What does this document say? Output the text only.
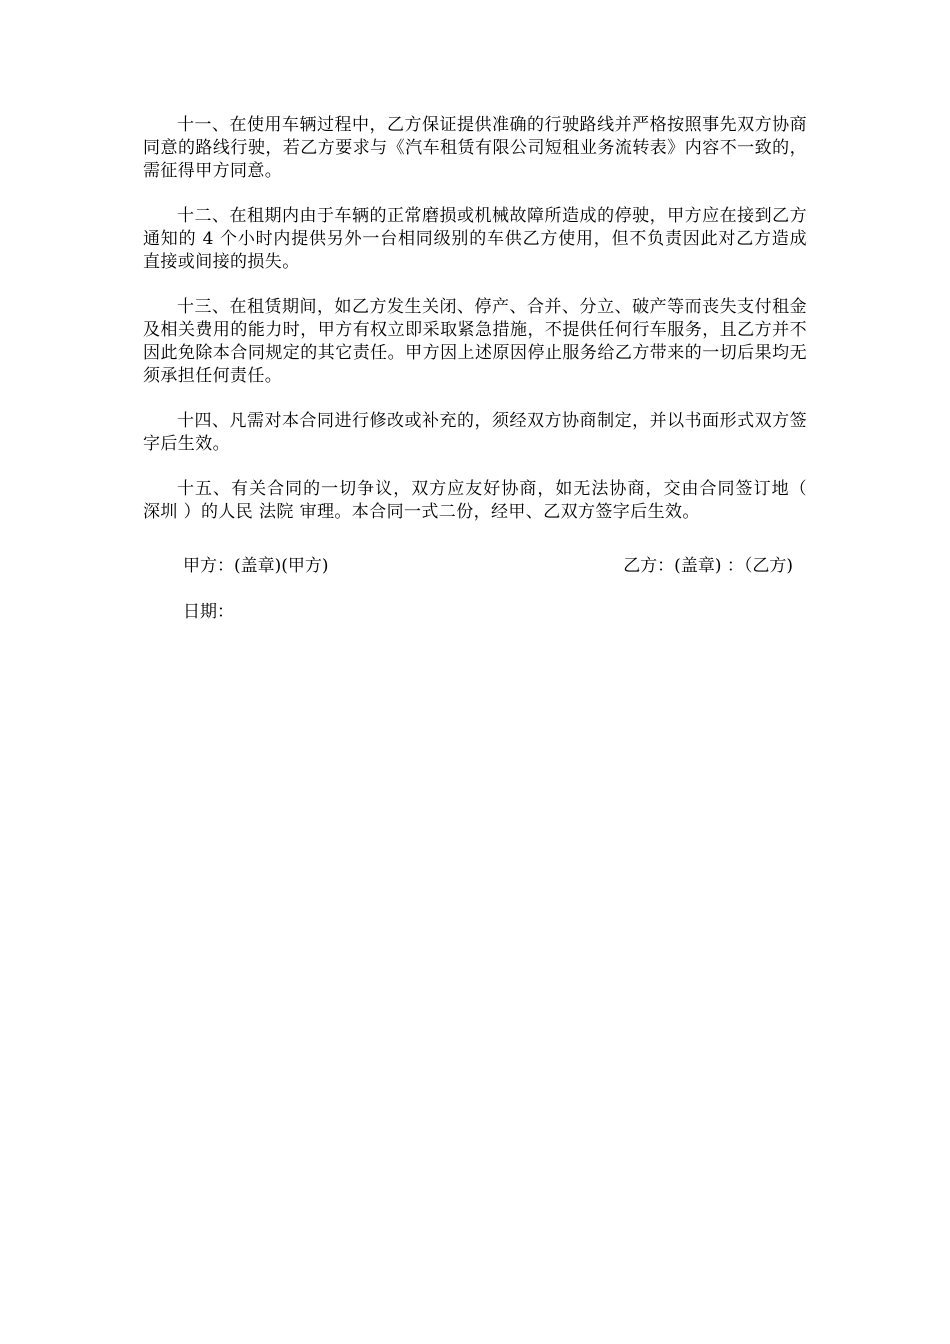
十一、在使用车辆过程中，乙方保证提供准确的行驶路线并严格按照事先双方协商同意的路线行驶，若乙方要求与《汽车租赁有限公司短租业务流转表》内容不一致的，需征得甲方同意。

十二、在租期内由于车辆的正常磨损或机械故障所造成的停驶，甲方应在接到乙方通知的 4 个小时内提供另外一台相同级别的车供乙方使用，但不负责因此对乙方造成直接或间接的损失。

十三、在租赁期间，如乙方发生关闭、停产、合并、分立、破产等而丧失支付租金及相关费用的能力时，甲方有权立即采取紧急措施，不提供任何行车服务，且乙方并不因此免除本合同规定的其它责任。甲方因上述原因停止服务给乙方带来的一切后果均无须承担任何责任。

十四、凡需对本合同进行修改或补充的，须经双方协商制定，并以书面形式双方签字后生效。

十五、有关合同的一切争议，双方应友好协商，如无法协商，交由合同签订地（ 深圳 ）的人民 法院 审理。本合同一式二份，经甲、乙双方签字后生效。

甲方：(盖章)(甲方)	乙方：(盖章) ：（乙方)
日期：
